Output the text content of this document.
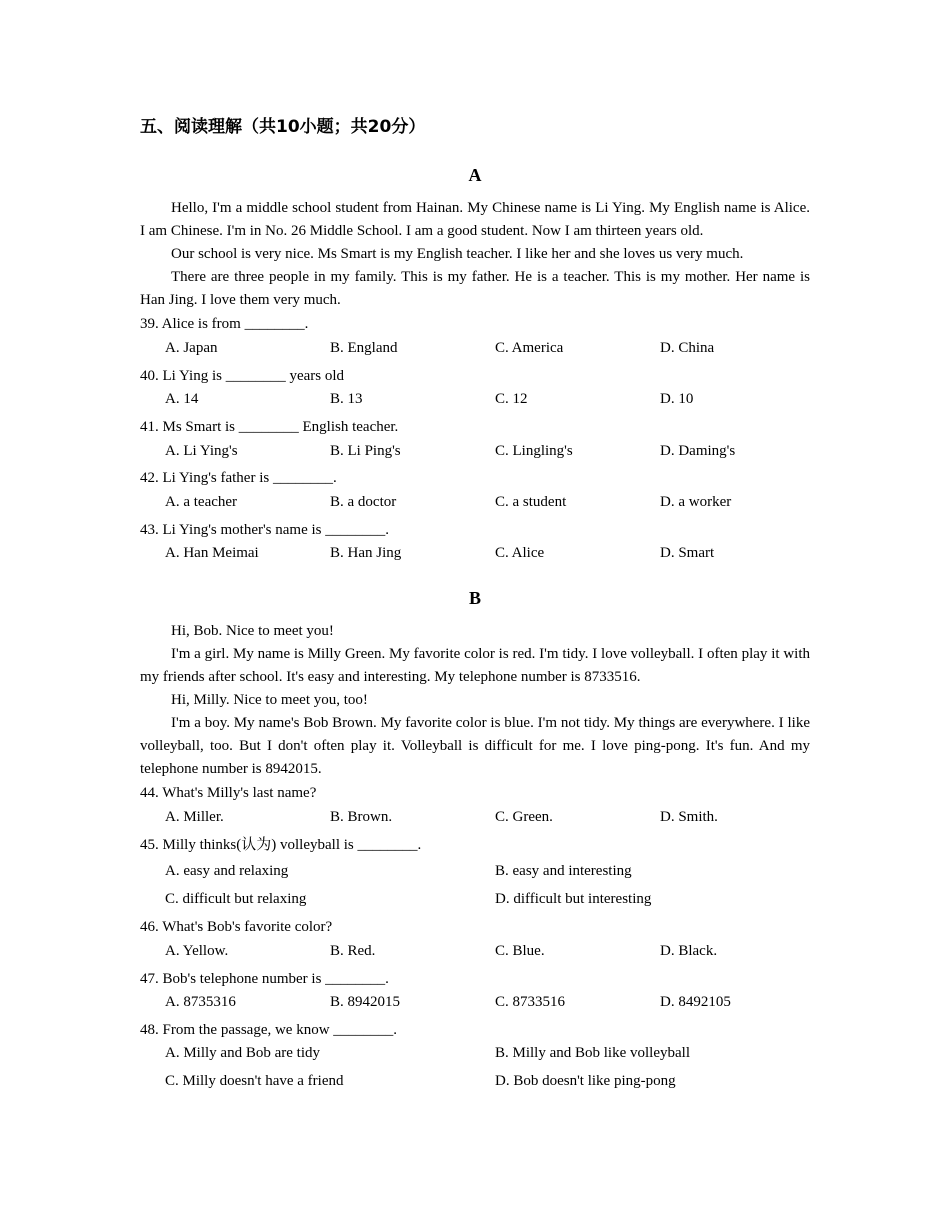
五、阅读理解（共10小题；共20分）
A
Hello, I'm a middle school student from Hainan. My Chinese name is Li Ying. My English name is Alice. I am Chinese. I'm in No. 26 Middle School. I am a good student. Now I am thirteen years old.
Our school is very nice. Ms Smart is my English teacher. I like her and she loves us very much.
There are three people in my family. This is my father. He is a teacher. This is my mother. Her name is Han Jing. I love them very much.
39. Alice is from ________.
A. Japan	B. England	C. America	D. China
40. Li Ying is ________ years old
A. 14	B. 13	C. 12	D. 10
41. Ms Smart is ________ English teacher.
A. Li Ying's	B. Li Ping's	C. Lingling's	D. Daming's
42. Li Ying's father is ________.
A. a teacher	B. a doctor	C. a student	D. a worker
43. Li Ying's mother's name is ________.
A. Han Meimai	B. Han Jing	C. Alice	D. Smart
B
Hi, Bob. Nice to meet you!
I'm a girl. My name is Milly Green. My favorite color is red. I'm tidy. I love volleyball. I often play it with my friends after school. It's easy and interesting. My telephone number is 8733516.
Hi, Milly. Nice to meet you, too!
I'm a boy. My name's Bob Brown. My favorite color is blue. I'm not tidy. My things are everywhere. I like volleyball, too. But I don't often play it. Volleyball is difficult for me. I love ping-pong. It's fun. And my telephone number is 8942015.
44. What's Milly's last name?
A. Miller.	B. Brown.	C. Green.	D. Smith.
45. Milly thinks(认为) volleyball is ________.
A. easy and relaxing	B. easy and interesting
C. difficult but relaxing	D. difficult but interesting
46. What's Bob's favorite color?
A. Yellow.	B. Red.	C. Blue.	D. Black.
47. Bob's telephone number is ________.
A. 8735316	B. 8942015	C. 8733516	D. 8492105
48. From the passage, we know ________.
A. Milly and Bob are tidy	B. Milly and Bob like volleyball
C. Milly doesn't have a friend	D. Bob doesn't like ping-pong
